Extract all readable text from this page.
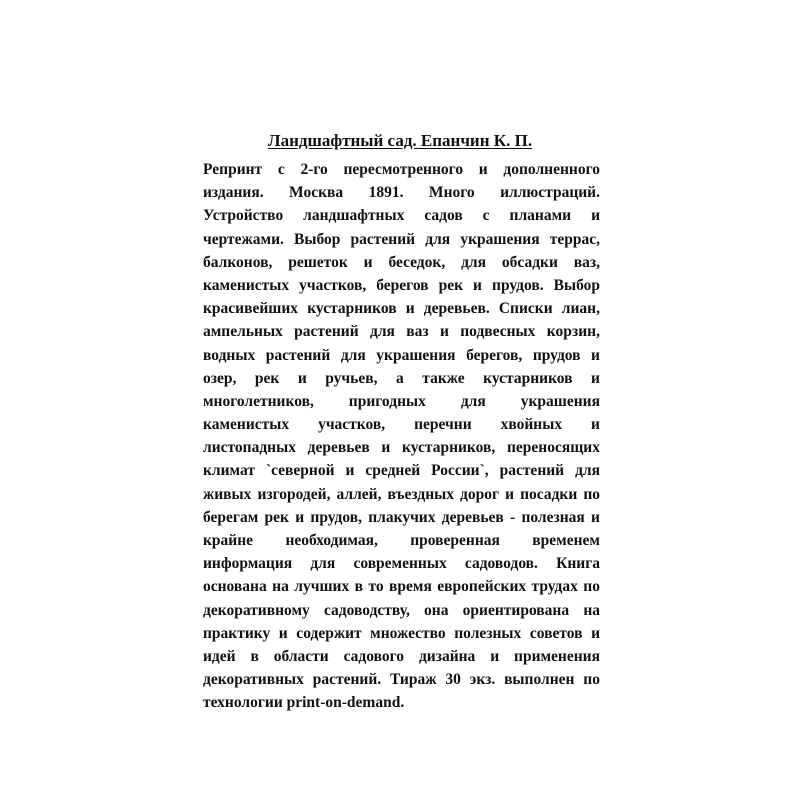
Ландшафтный сад. Епанчин К. П.
Репринт с 2-го пересмотренного и дополненного
издания. Москва 1891. Много иллюстраций.
Устройство ландшафтных садов с планами и
чертежами. Выбор растений для украшения террас,
балконов, решеток и беседок, для обсадки ваз,
каменистых участков, берегов рек и прудов. Выбор
красивейших кустарников и деревьев. Списки лиан,
ампельных растений для ваз и подвесных корзин,
водных растений для украшения берегов, прудов и
озер, рек и ручьев, а также кустарников и
многолетников, пригодных для украшения
каменистых участков, перечни хвойных и
листопадных деревьев и кустарников, переносящих
климат `северной и средней России`, растений для
живых изгородей, аллей, въездных дорог и посадки по
берегам рек и прудов, плакучих деревьев - полезная и
крайне необходимая, проверенная временем
информация для современных садоводов. Книга
основана на лучших в то время европейских трудах по
декоративному садоводству, она ориентирована на
практику и содержит множество полезных советов и
идей в области садового дизайна и применения
декоративных растений. Тираж 30 экз. выполнен по
технологии print-on-demand.
